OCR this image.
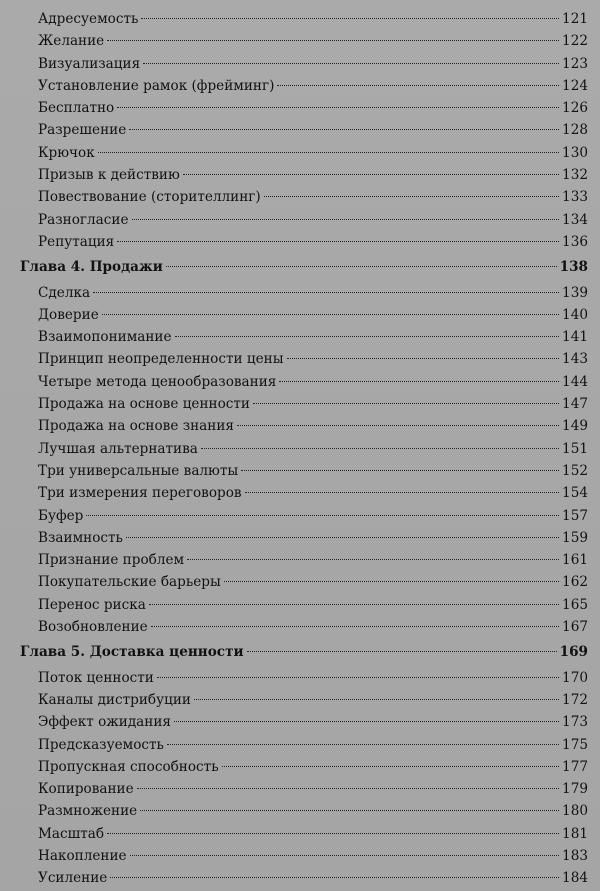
Адресуемость	121
Желание	122
Визуализация	123
Установление рамок (фрейминг)	124
Бесплатно	126
Разрешение	128
Крючок	130
Призыв к действию	132
Повествование (сторителлинг)	133
Разногласие	134
Репутация	136
Глава 4. Продажи	138
Сделка	139
Доверие	140
Взаимопонимание	141
Принцип неопределенности цены	143
Четыре метода ценообразования	144
Продажа на основе ценности	147
Продажа на основе знания	149
Лучшая альтернатива	151
Три универсальные валюты	152
Три измерения переговоров	154
Буфер	157
Взаимность	159
Признание проблем	161
Покупательские барьеры	162
Перенос риска	165
Возобновление	167
Глава 5. Доставка ценности	169
Поток ценности	170
Каналы дистрибуции	172
Эффект ожидания	173
Предсказуемость	175
Пропускная способность	177
Копирование	179
Размножение	180
Масштаб	181
Накопление	183
Усиление	184
